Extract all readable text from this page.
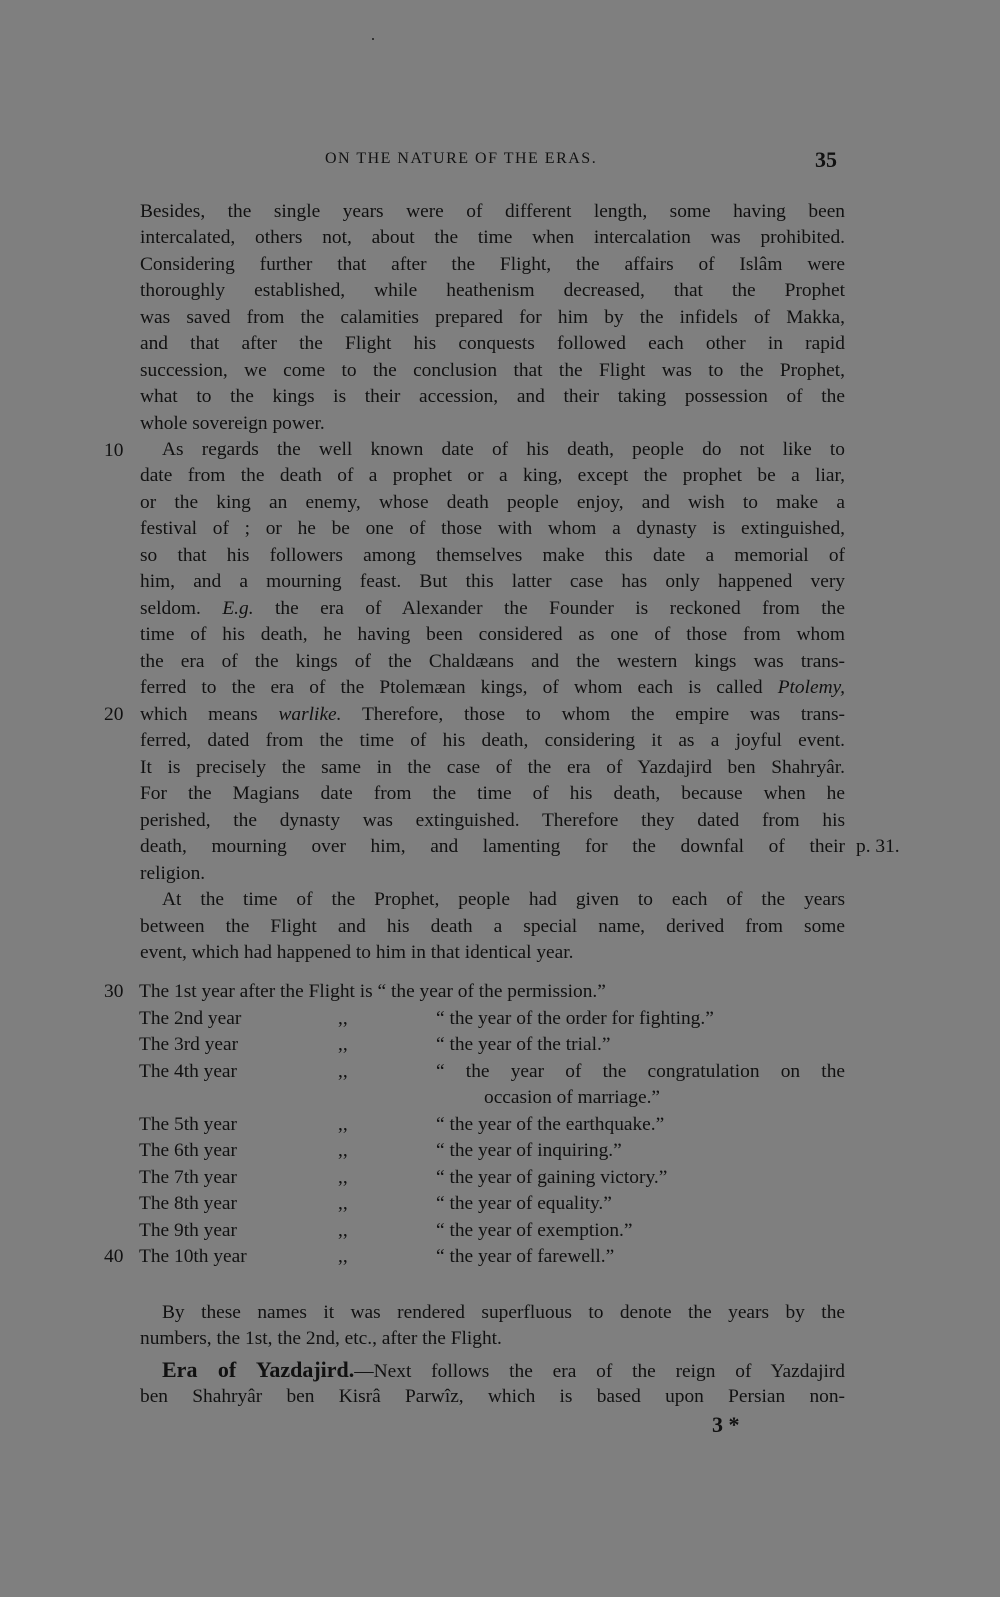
ON THE NATURE OF THE ERAS.	35
Besides, the single years were of different length, some having been
intercalated, others not, about the time when intercalation was prohibited.
Considering further that after the Flight, the affairs of Islâm were
thoroughly established, while heathenism decreased, that the Prophet
was saved from the calamities prepared for him by the infidels of Makka,
and that after the Flight his conquests followed each other in rapid
succession, we come to the conclusion that the Flight was to the Prophet,
what to the kings is their accession, and their taking possession of the
whole sovereign power.
10 As regards the well known date of his death, people do not like to
date from the death of a prophet or a king, except the prophet be a liar,
or the king an enemy, whose death people enjoy, and wish to make a
festival of ; or he be one of those with whom a dynasty is extinguished,
so that his followers among themselves make this date a memorial of
him, and a mourning feast. But this latter case has only happened very
seldom. E.g. the era of Alexander the Founder is reckoned from the
time of his death, he having been considered as one of those from whom
the era of the kings of the Chaldæans and the western kings was trans-
ferred to the era of the Ptolemæan kings, of whom each is called Ptolemy,
20 which means warlike. Therefore, those to whom the empire was trans-
ferred, dated from the time of his death, considering it as a joyful event.
It is precisely the same in the case of the era of Yazdajird ben Shahryâr.
For the Magians date from the time of his death, because when he
perished, the dynasty was extinguished. Therefore they dated from his
death, mourning over him, and lamenting for the downfal of their p. 31.
religion.
At the time of the Prophet, people had given to each of the years
between the Flight and his death a special name, derived from some
event, which had happened to him in that identical year.
30 The 1st year after the Flight is “ the year of the permission.”
The 2nd year	,,	“ the year of the order for fighting.”
The 3rd year	,,	“ the year of the trial.”
The 4th year	,,	“ the year of the congratulation on the
occasion of marriage.”
The 5th year	,,	“ the year of the earthquake.”
The 6th year	,,	“ the year of inquiring.”
The 7th year	,,	“ the year of gaining victory.”
The 8th year	,,	“ the year of equality.”
The 9th year	,,	“ the year of exemption.”
40 The 10th year	,,	“ the year of farewell.”
By these names it was rendered superfluous to denote the years by the
numbers, the 1st, the 2nd, etc., after the Flight.
Era of Yazdajird.—Next follows the era of the reign of Yazdajird
ben Shahryâr ben Kisrâ Parwîz, which is based upon Persian non-
3 *
